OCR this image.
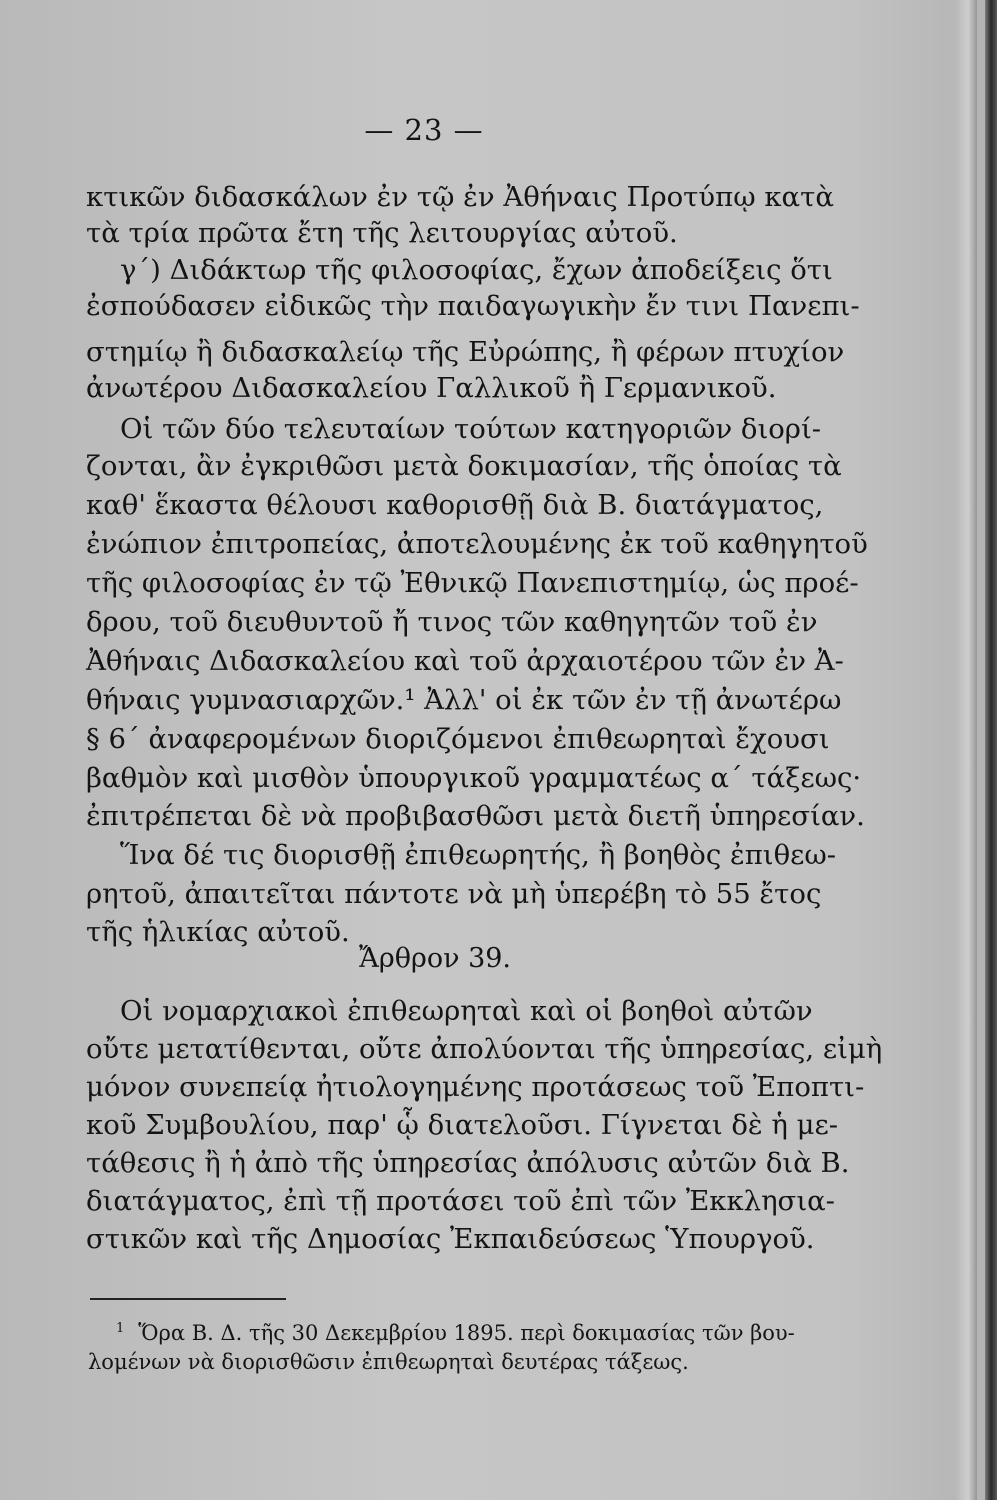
— 23 —
κτικῶν διδασκάλων ἐν τῷ ἐν Ἀθήναις Προτύπῳ κατὰ
τὰ τρία πρῶτα ἔτη τῆς λειτουργίας αὐτοῦ.
γ΄) Διδάκτωρ τῆς φιλοσοφίας, ἔχων ἀποδείξεις ὅτι
ἐσπούδασεν εἰδικῶς τὴν παιδαγωγικὴν ἔν τινι Πανεπι-
στημίῳ ἢ διδασκαλείῳ τῆς Εὐρώπης, ἢ φέρων πτυχίον
ἀνωτέρου Διδασκαλείου Γαλλικοῦ ἢ Γερμανικοῦ.
Οἱ τῶν δύο τελευταίων τούτων κατηγοριῶν διορί-
ζονται, ἂν ἐγκριθῶσι μετὰ δοκιμασίαν, τῆς ὁποίας τὰ
καθ' ἕκαστα θέλουσι καθορισθῇ διὰ Β. διατάγματος,
ἐνώπιον ἐπιτροπείας, ἀποτελουμένης ἐκ τοῦ καθηγητοῦ
τῆς φιλοσοφίας ἐν τῷ Ἐθνικῷ Πανεπιστημίῳ, ὡς προέ-
δρου, τοῦ διευθυντοῦ ἤ τινος τῶν καθηγητῶν τοῦ ἐν
Ἀθήναις Διδασκαλείου καὶ τοῦ ἀρχαιοτέρου τῶν ἐν Ἀ-
θήναις γυμνασιαρχῶν.¹ Ἀλλ' οἱ ἐκ τῶν ἐν τῇ ἀνωτέρω
§ 6΄ ἀναφερομένων διοριζόμενοι ἐπιθεωρηταὶ ἔχουσι
βαθμὸν καὶ μισθὸν ὑπουργικοῦ γραμματέως α΄ τάξεως·
ἐπιτρέπεται δὲ νὰ προβιβασθῶσι μετὰ διετῆ ὑπηρεσίαν.
Ἵνα δέ τις διορισθῇ ἐπιθεωρητής, ἢ βοηθὸς ἐπιθεω-
ρητοῦ, ἀπαιτεῖται πάντοτε νὰ μὴ ὑπερέβη τὸ 55 ἔτος
τῆς ἡλικίας αὐτοῦ.
Ἄρθρον 39.
Οἱ νομαρχιακοὶ ἐπιθεωρηταὶ καὶ οἱ βοηθοὶ αὐτῶν
οὔτε μετατίθενται, οὔτε ἀπολύονται τῆς ὑπηρεσίας, εἰμὴ
μόνον συνεπείᾳ ἠτιολογημένης προτάσεως τοῦ Ἐποπτι-
κοῦ Συμβουλίου, παρ' ᾧ διατελοῦσι. Γίγνεται δὲ ἡ με-
τάθεσις ἢ ἡ ἀπὸ τῆς ὑπηρεσίας ἀπόλυσις αὐτῶν διὰ Β.
διατάγματος, ἐπὶ τῇ προτάσει τοῦ ἐπὶ τῶν Ἐκκλησια-
στικῶν καὶ τῆς Δημοσίας Ἐκπαιδεύσεως Ὑπουργοῦ.
$^1$ Ὅρα Β. Δ. τῆς 30 Δεκεμβρίου 1895. περὶ δοκιμασίας τῶν βου-
λομένων νὰ διορισθῶσιν ἐπιθεωρηταὶ δευτέρας τάξεως.
